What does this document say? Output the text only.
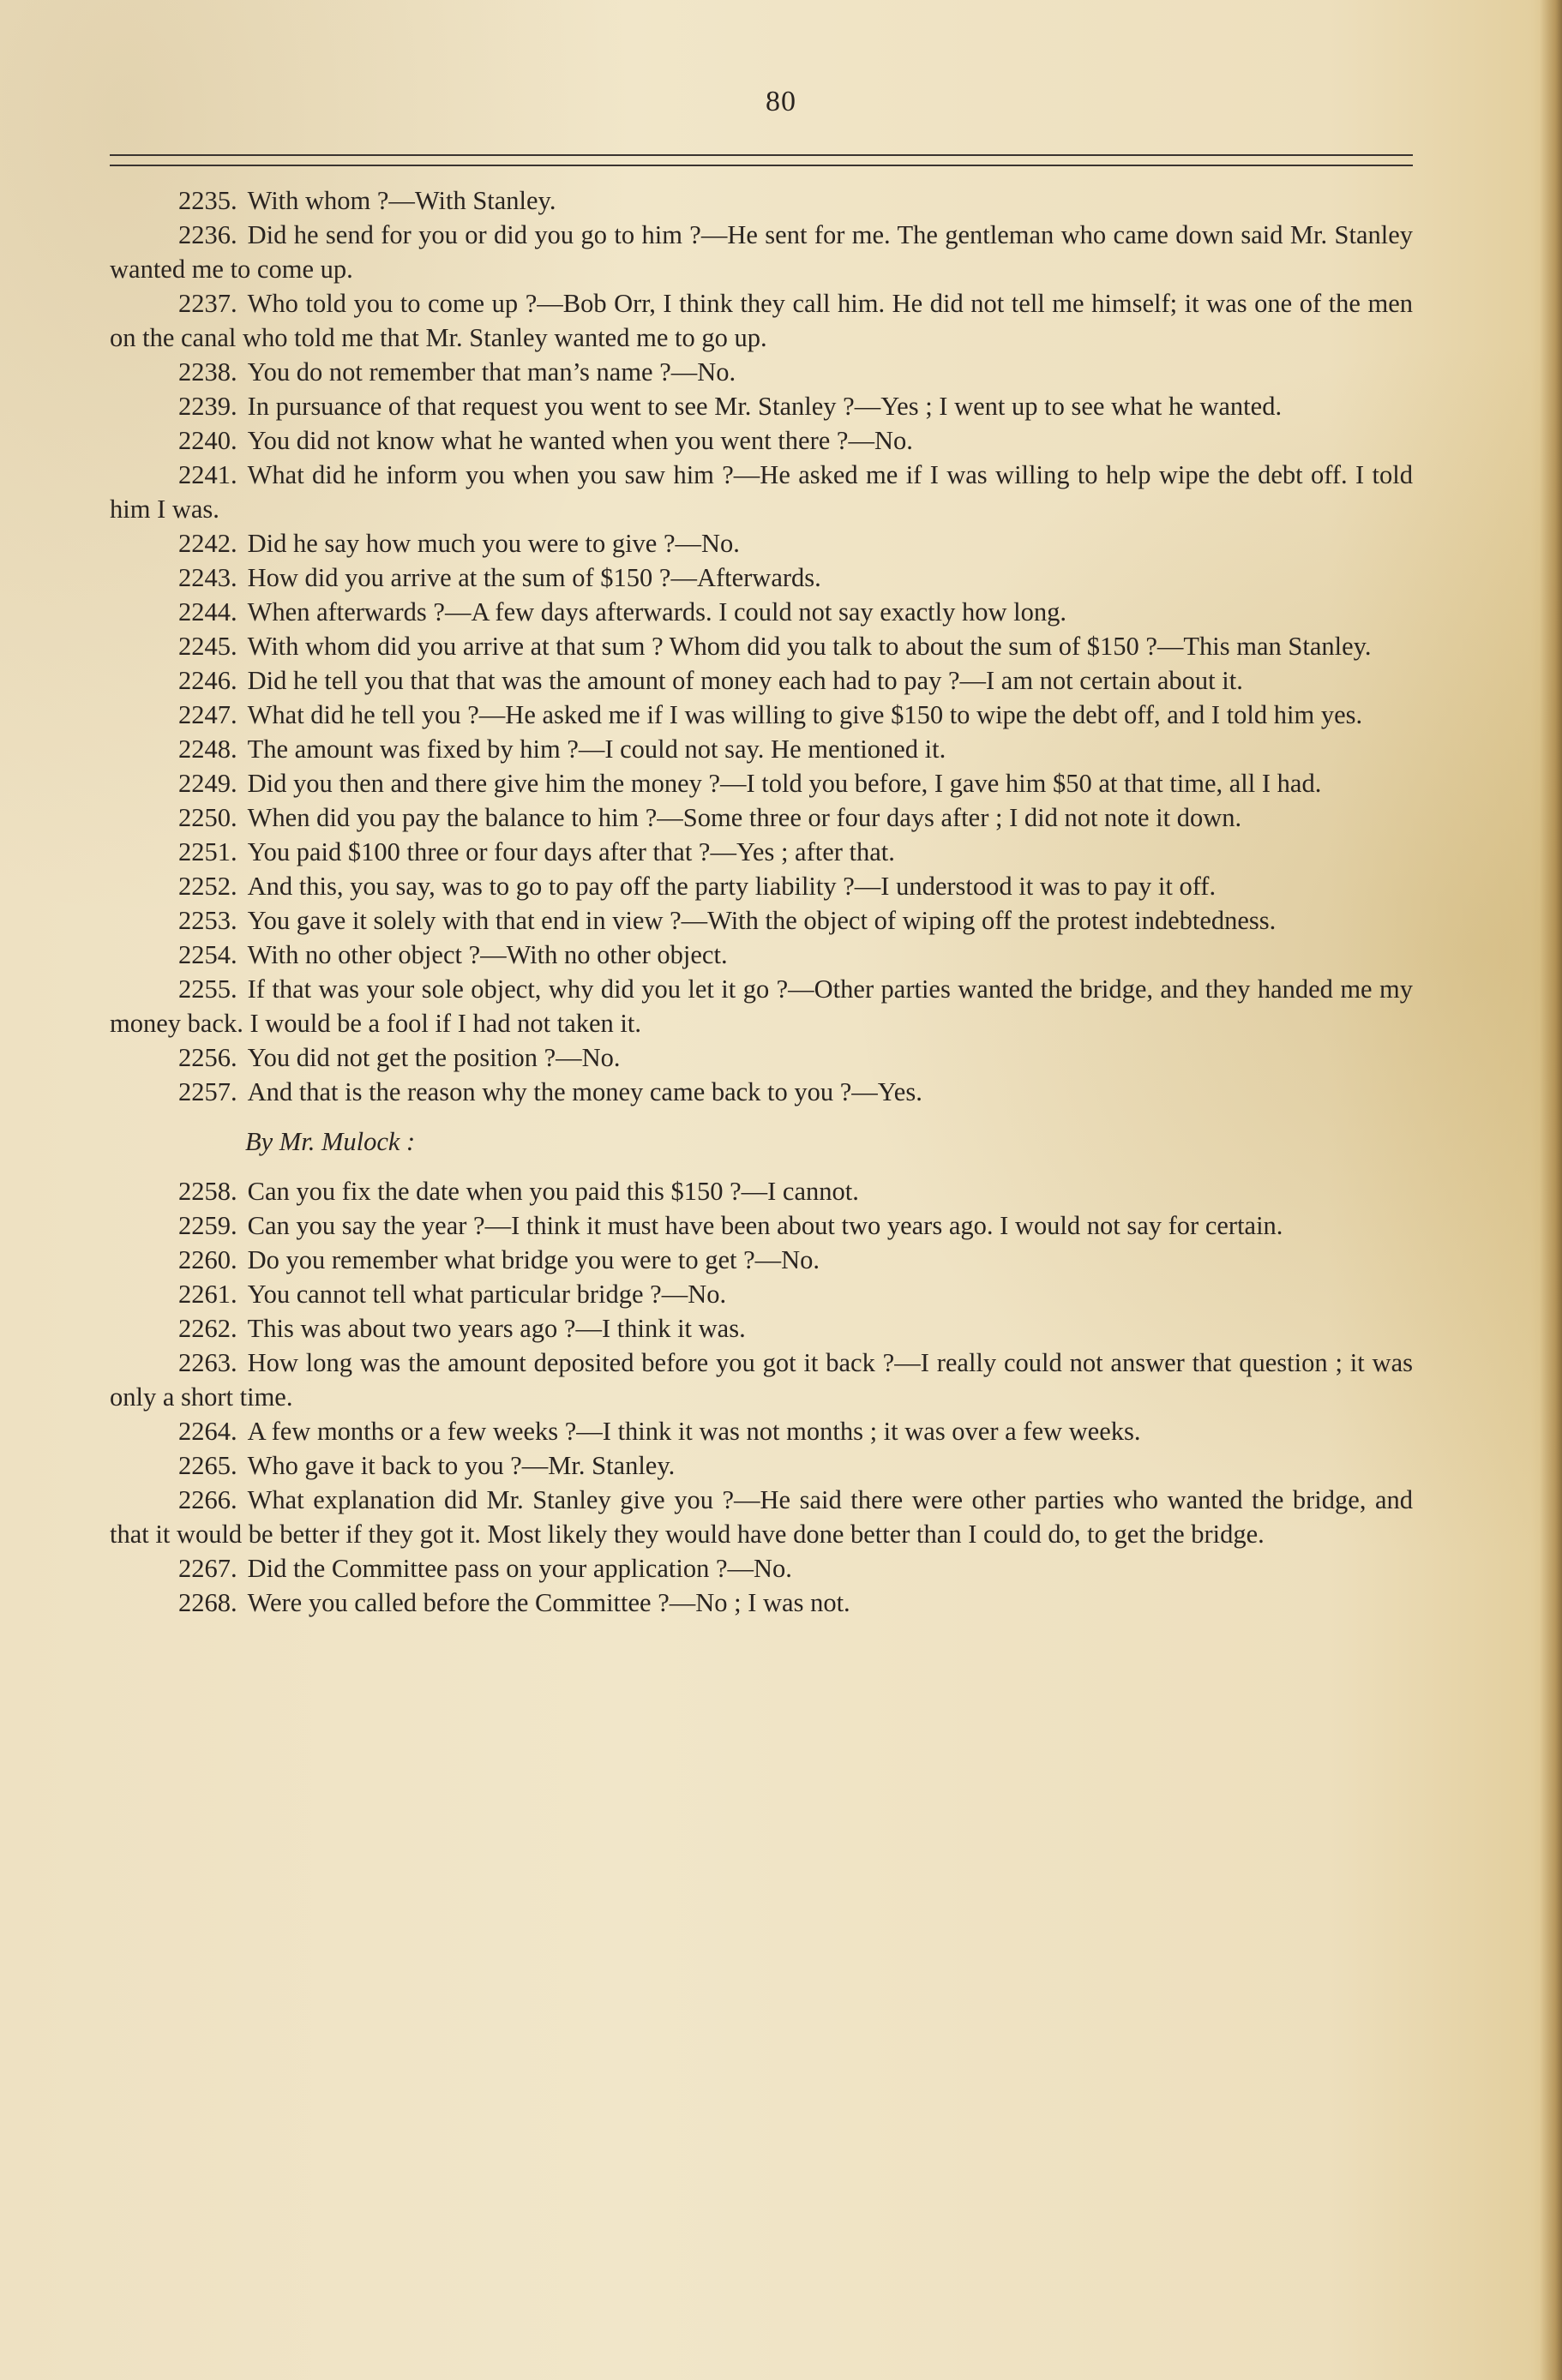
80

2235. With whom ?—With Stanley.

2236. Did he send for you or did you go to him ?—He sent for me. The gentleman who came down said Mr. Stanley wanted me to come up.

2237. Who told you to come up ?—Bob Orr, I think they call him. He did not tell me himself; it was one of the men on the canal who told me that Mr. Stanley wanted me to go up.

2238. You do not remember that man’s name ?—No.

2239. In pursuance of that request you went to see Mr. Stanley ?—Yes ; I went up to see what he wanted.

2240. You did not know what he wanted when you went there ?—No.

2241. What did he inform you when you saw him ?—He asked me if I was willing to help wipe the debt off. I told him I was.

2242. Did he say how much you were to give ?—No.

2243. How did you arrive at the sum of $150 ?—Afterwards.

2244. When afterwards ?—A few days afterwards. I could not say exactly how long.

2245. With whom did you arrive at that sum ? Whom did you talk to about the sum of $150 ?—This man Stanley.

2246. Did he tell you that that was the amount of money each had to pay ?—I am not certain about it.

2247. What did he tell you ?—He asked me if I was willing to give $150 to wipe the debt off, and I told him yes.

2248. The amount was fixed by him ?—I could not say. He mentioned it.

2249. Did you then and there give him the money ?—I told you before, I gave him $50 at that time, all I had.

2250. When did you pay the balance to him ?—Some three or four days after ; I did not note it down.

2251. You paid $100 three or four days after that ?—Yes ; after that.

2252. And this, you say, was to go to pay off the party liability ?—I understood it was to pay it off.

2253. You gave it solely with that end in view ?—With the object of wiping off the protest indebtedness.

2254. With no other object ?—With no other object.

2255. If that was your sole object, why did you let it go ?—Other parties wanted the bridge, and they handed me my money back. I would be a fool if I had not taken it.

2256. You did not get the position ?—No.

2257. And that is the reason why the money came back to you ?—Yes.

By Mr. Mulock :

2258. Can you fix the date when you paid this $150 ?—I cannot.

2259. Can you say the year ?—I think it must have been about two years ago. I would not say for certain.

2260. Do you remember what bridge you were to get ?—No.

2261. You cannot tell what particular bridge ?—No.

2262. This was about two years ago ?—I think it was.

2263. How long was the amount deposited before you got it back ?—I really could not answer that question ; it was only a short time.

2264. A few months or a few weeks ?—I think it was not months ; it was over a few weeks.

2265. Who gave it back to you ?—Mr. Stanley.

2266. What explanation did Mr. Stanley give you ?—He said there were other parties who wanted the bridge, and that it would be better if they got it. Most likely they would have done better than I could do, to get the bridge.

2267. Did the Committee pass on your application ?—No.

2268. Were you called before the Committee ?—No ; I was not.
